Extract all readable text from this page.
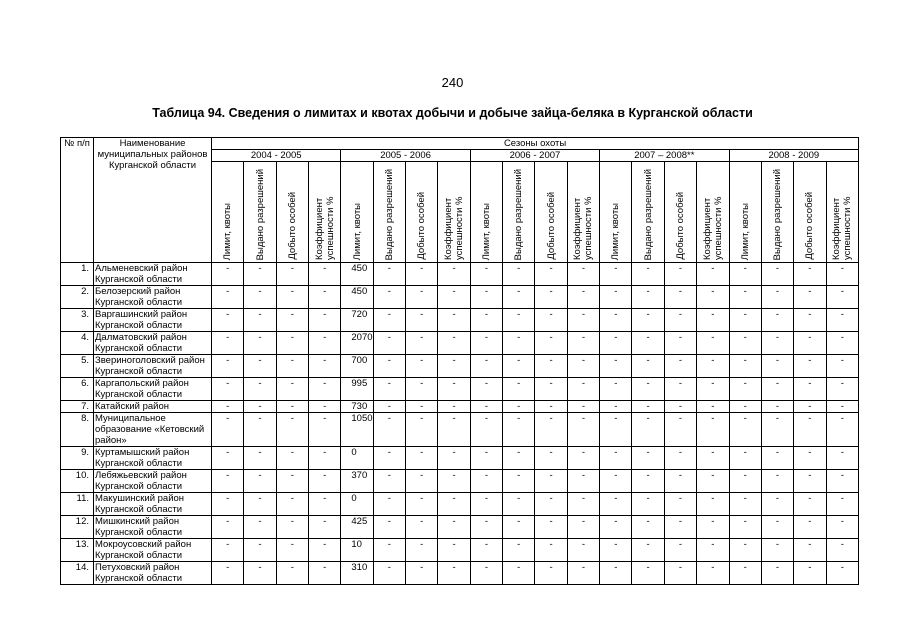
240
Таблица 94. Сведения о лимитах и квотах добычи и добыче зайца-беляка в Курганской области
№ п/п	Наименование муниципальных районов Курганской области	Сезоны охоты																			
		2004 - 2005				2005 - 2006				2006 - 2007				2007 – 2008**				2008 - 2009			

		Лимит, квоты	Выдано разрешений	Добыто особей	Коэффициент успешности %	Лимит, квоты	Выдано разрешений	Добыто особей	Коэффициент успешности %	Лимит, квоты	Выдано разрешений	Добыто особей	Коэффициент успешности %	Лимит, квоты	Выдано разрешений	Добыто особей	Коэффициент успешности %	Лимит, квоты	Выдано разрешений	Добыто особей	Коэффициент успешности %

1.	Альменевский район Курганской области	-	-	-	-	450	-	-	-	-	-	-	-	-	-	-	-	-	-	-	-
2.	Белозерский район Курганской области	-	-	-	-	450	-	-	-	-	-	-	-	-	-	-	-	-	-	-	-
3.	Варгашинский район Курганской области	-	-	-	-	720	-	-	-	-	-	-	-	-	-	-	-	-	-	-	-
4.	Далматовский район Курганской области	-	-	-	-	2070	-	-	-	-	-	-	-	-	-	-	-	-	-	-	-
5.	Звериноголовский район Курганской области	-	-	-	-	700	-	-	-	-	-	-	-	-	-	-	-	-	-	-	-
6.	Каргапольский район Курганской области	-	-	-	-	995	-	-	-	-	-	-	-	-	-	-	-	-	-	-	-
7.	Катайский район	-	-	-	-	730	-	-	-	-	-	-	-	-	-	-	-	-	-	-	-
8.	Муниципальное образование «Кетовский район»	-	-	-	-	1050	-	-	-	-	-	-	-	-	-	-	-	-	-	-	-
9.	Куртамышский район Курганской области	-	-	-	-	0	-	-	-	-	-	-	-	-	-	-	-	-	-	-	-
10.	Лебяжьевский район Курганской области	-	-	-	-	370	-	-	-	-	-	-	-	-	-	-	-	-	-	-	-
11.	Макушинский район Курганской области	-	-	-	-	0	-	-	-	-	-	-	-	-	-	-	-	-	-	-	-
12.	Мишкинский район Курганской области	-	-	-	-	425	-	-	-	-	-	-	-	-	-	-	-	-	-	-	-
13.	Мокроусовский район Курганской области	-	-	-	-	10	-	-	-	-	-	-	-	-	-	-	-	-	-	-	-
14.	Петуховский район Курганской области	-	-	-	-	310	-	-	-	-	-	-	-	-	-	-	-	-	-	-	-
